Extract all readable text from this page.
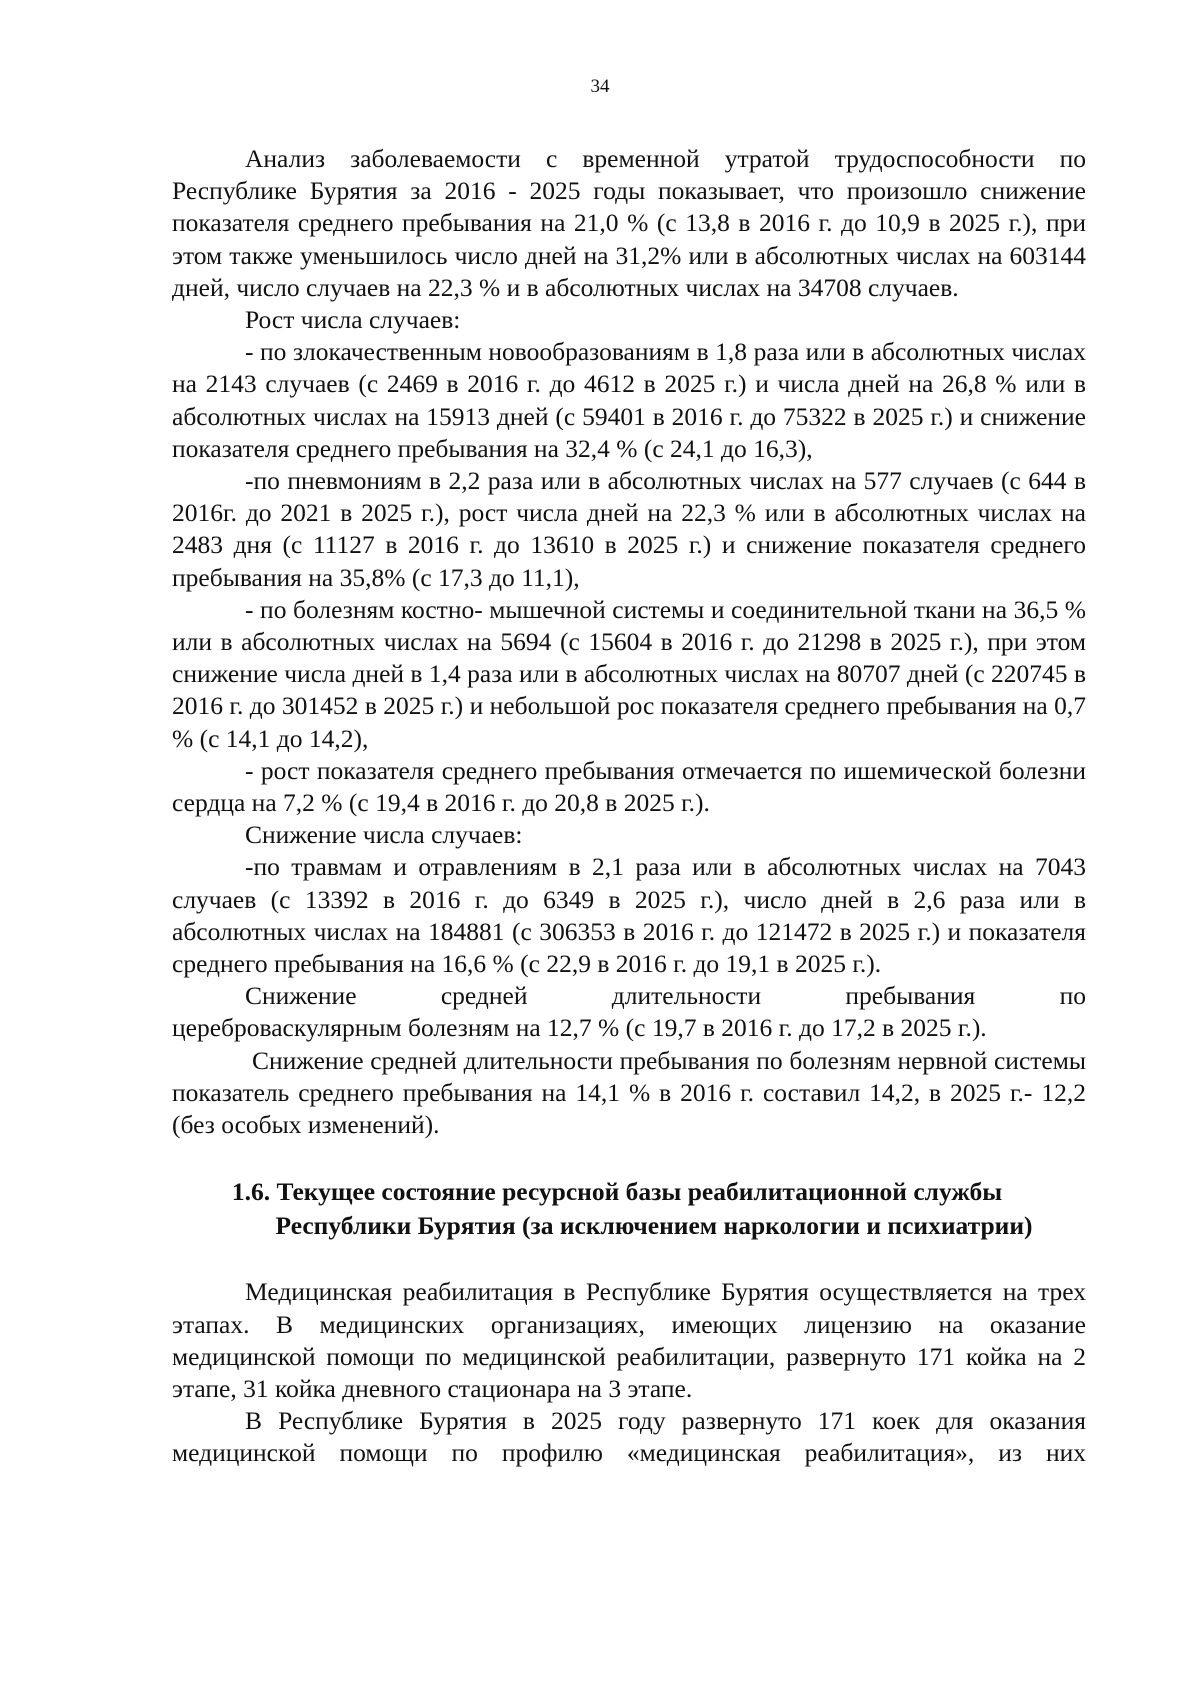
34

Анализ заболеваемости с временной утратой трудоспособности по Республике Бурятия за 2016 - 2025 годы показывает, что произошло снижение показателя среднего пребывания на 21,0 % (с 13,8 в 2016 г. до 10,9 в 2025 г.), при этом также уменьшилось число дней на 31,2% или в абсолютных числах на 603144 дней, число случаев на 22,3 % и в абсолютных числах на 34708 случаев.

Рост числа случаев:

- по злокачественным новообразованиям в 1,8 раза или в абсолютных числах на 2143 случаев (с 2469 в 2016 г. до 4612 в 2025 г.) и числа дней на 26,8 % или в абсолютных числах на 15913 дней (с 59401 в 2016 г. до 75322 в 2025 г.) и снижение показателя среднего пребывания на 32,4 % (с 24,1 до 16,3),

-по пневмониям в 2,2 раза или в абсолютных числах на 577 случаев (с 644 в 2016г. до 2021 в 2025 г.), рост числа дней на 22,3 % или в абсолютных числах на 2483 дня (с 11127 в 2016 г. до 13610 в 2025 г.) и снижение показателя среднего пребывания на 35,8% (с 17,3 до 11,1),

- по болезням костно- мышечной системы и соединительной ткани на 36,5 % или в абсолютных числах на 5694 (с 15604 в 2016 г. до 21298 в 2025 г.), при этом снижение числа дней в 1,4 раза или в абсолютных числах на 80707 дней (с 220745 в 2016 г. до 301452 в 2025 г.) и небольшой рос показателя среднего пребывания на 0,7 % (с 14,1 до 14,2),

- рост показателя среднего пребывания отмечается по ишемической болезни сердца на 7,2 % (с 19,4 в 2016 г. до 20,8 в 2025 г.).

Снижение числа случаев:

-по травмам и отравлениям в 2,1 раза или в абсолютных числах на 7043 случаев (с 13392 в 2016 г. до 6349 в 2025 г.), число дней в 2,6 раза или в абсолютных числах на 184881 (с 306353 в 2016 г. до 121472 в 2025 г.) и показателя среднего пребывания на 16,6 % (с 22,9 в 2016 г. до 19,1 в 2025 г.).

Снижение средней длительности пребывания по

цереброваскулярным болезням на 12,7 % (с 19,7 в 2016 г. до 17,2 в 2025 г.).

Снижение средней длительности пребывания по болезням нервной системы показатель среднего пребывания на 14,1 % в 2016 г. составил 14,2, в 2025 г.- 12,2 (без особых изменений).

1.6. Текущее состояние ресурсной базы реабилитационной службы
Республики Бурятия (за исключением наркологии и психиатрии)

Медицинская реабилитация в Республике Бурятия осуществляется на трех этапах. В медицинских организациях, имеющих лицензию на оказание медицинской помощи по медицинской реабилитации, развернуто 171 койка на 2 этапе, 31 койка дневного стационара на 3 этапе.

В Республике Бурятия в 2025 году развернуто 171 коек для оказания медицинской помощи по профилю «медицинская реабилитация», из них
